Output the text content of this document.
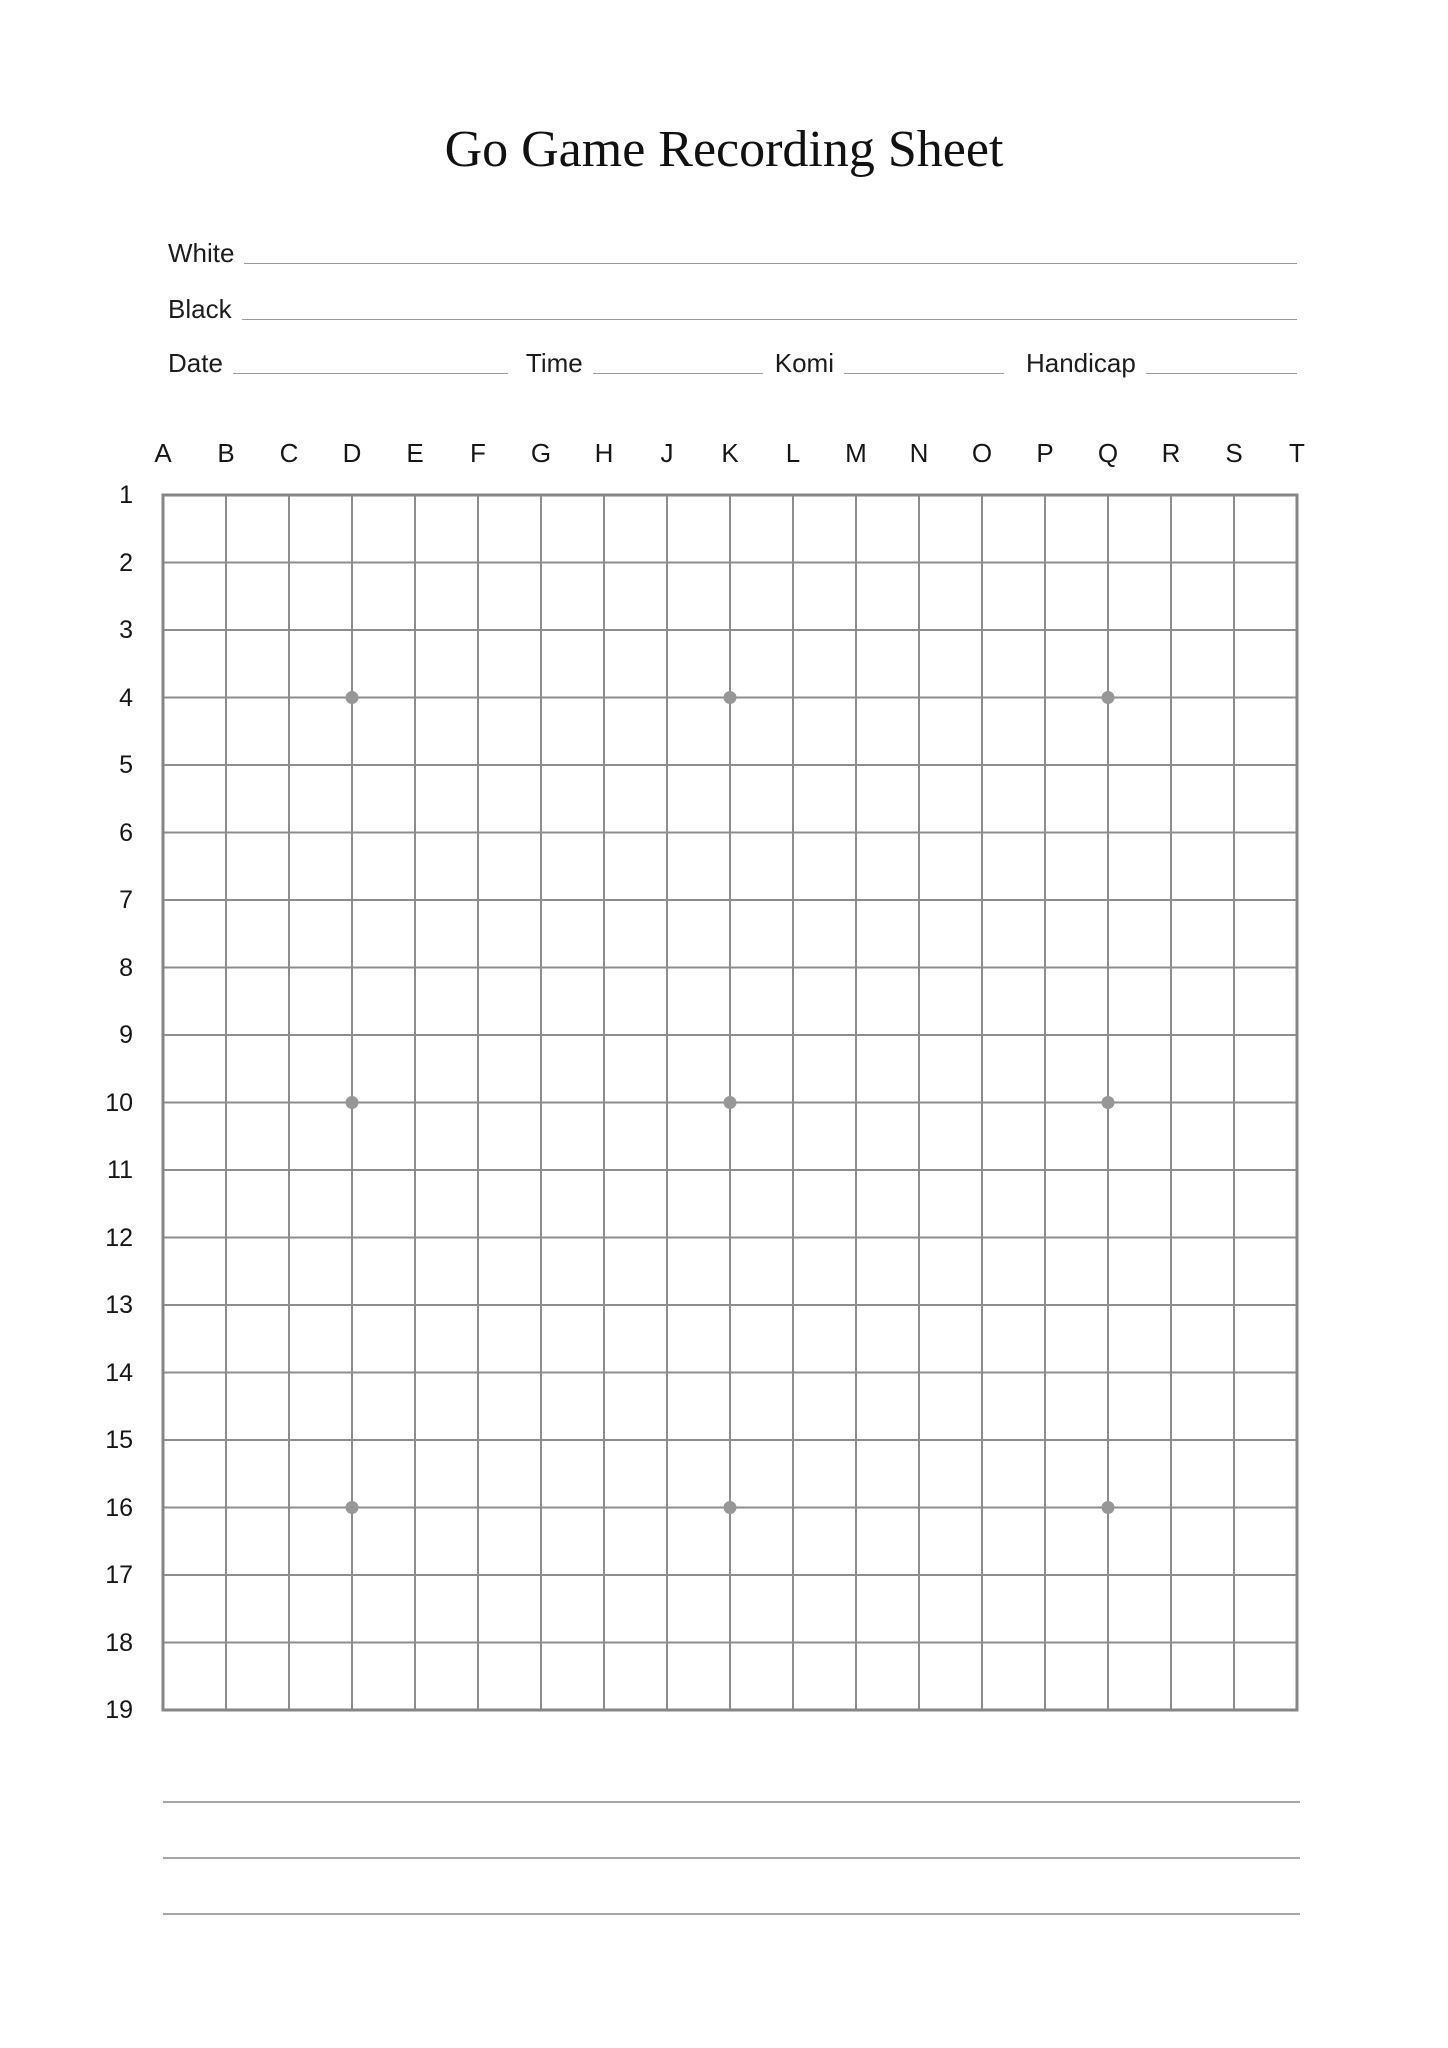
Go Game Recording Sheet
White
Black
Date	Time	Komi	Handicap
A	B	C	D	E	F	G	H	J	K	L	M	N	O	P	Q	R	S	T
1
2
3
4
5
6
7
8
9
10
11
12
13
14
15
16
17
18
19
